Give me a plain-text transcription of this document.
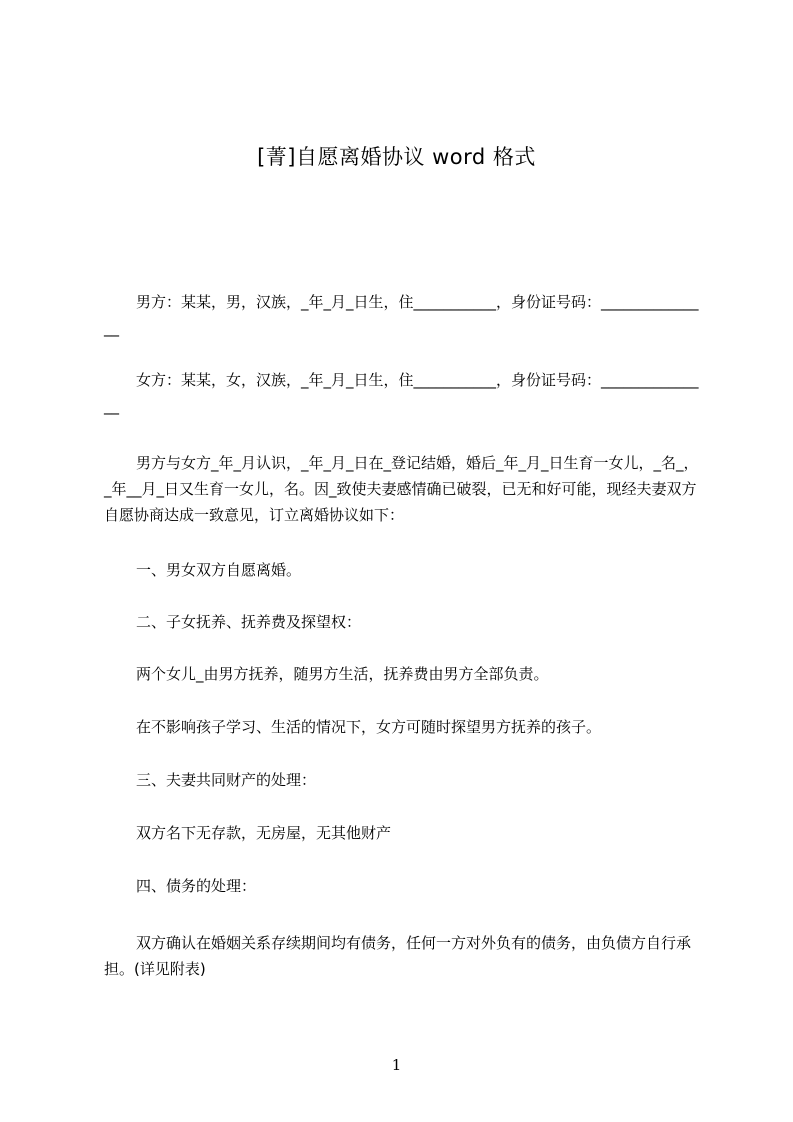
[菁]自愿离婚协议 word 格式

男方：某某，男，汉族，_年_月_日生，住___________，身份证号码：_______________

女方：某某，女，汉族，_年_月_日生，住___________，身份证号码：_______________

男方与女方_年_月认识，_年_月_日在_登记结婚，婚后_年_月_日生育一女儿，_名_，_年__月_日又生育一女儿，名。因_致使夫妻感情确已破裂，已无和好可能，现经夫妻双方自愿协商达成一致意见，订立离婚协议如下：

一、男女双方自愿离婚。

二、子女抚养、抚养费及探望权：

两个女儿_由男方抚养，随男方生活，抚养费由男方全部负责。

在不影响孩子学习、生活的情况下，女方可随时探望男方抚养的孩子。

三、夫妻共同财产的处理：

双方名下无存款，无房屋，无其他财产

四、债务的处理：

双方确认在婚姻关系存续期间均有债务，任何一方对外负有的债务，由负债方自行承担。(详见附表)

1
